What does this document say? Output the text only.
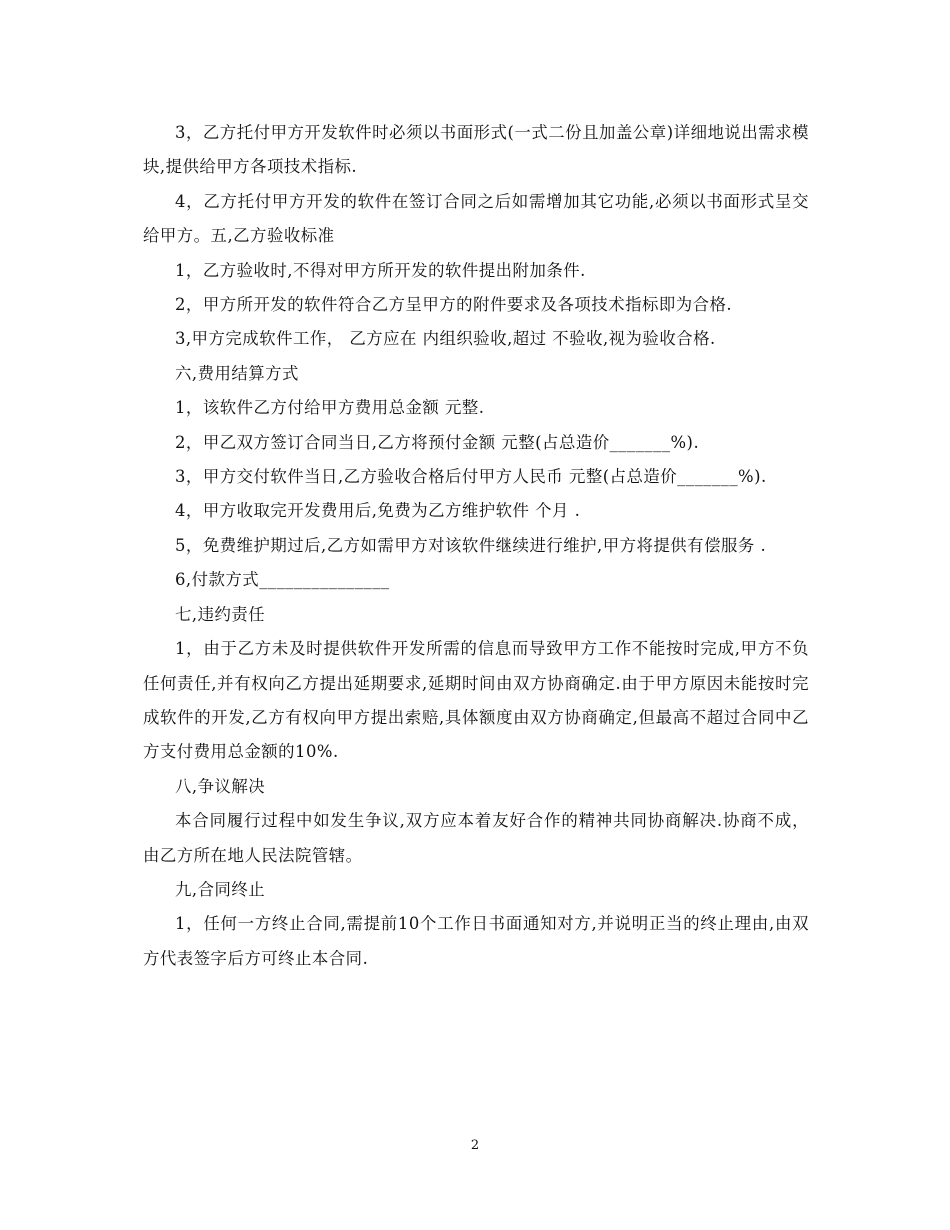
3，乙方托付甲方开发软件时必须以书面形式(一式二份且加盖公章)详细地说出需求模块,提供给甲方各项技术指标.

4，乙方托付甲方开发的软件在签订合同之后如需增加其它功能,必须以书面形式呈交给甲方。五,乙方验收标准

1，乙方验收时,不得对甲方所开发的软件提出附加条件.

2，甲方所开发的软件符合乙方呈甲方的附件要求及各项技术指标即为合格.

3,甲方完成软件工作， 乙方应在 内组织验收,超过 不验收,视为验收合格.

六,费用结算方式

1，该软件乙方付给甲方费用总金额 元整.

2，甲乙双方签订合同当日,乙方将预付金额 元整(占总造价_______%).

3，甲方交付软件当日,乙方验收合格后付甲方人民币 元整(占总造价_______%).

4，甲方收取完开发费用后,免费为乙方维护软件 个月 .

5，免费维护期过后,乙方如需甲方对该软件继续进行维护,甲方将提供有偿服务 .

6,付款方式_______________

七,违约责任

1，由于乙方未及时提供软件开发所需的信息而导致甲方工作不能按时完成,甲方不负任何责任,并有权向乙方提出延期要求,延期时间由双方协商确定.由于甲方原因未能按时完成软件的开发,乙方有权向甲方提出索赔,具体额度由双方协商确定,但最高不超过合同中乙方支付费用总金额的10%.

八,争议解决

本合同履行过程中如发生争议,双方应本着友好合作的精神共同协商解决.协商不成，由乙方所在地人民法院管辖。

九,合同终止

1，任何一方终止合同,需提前10个工作日书面通知对方,并说明正当的终止理由,由双方代表签字后方可终止本合同.

2
